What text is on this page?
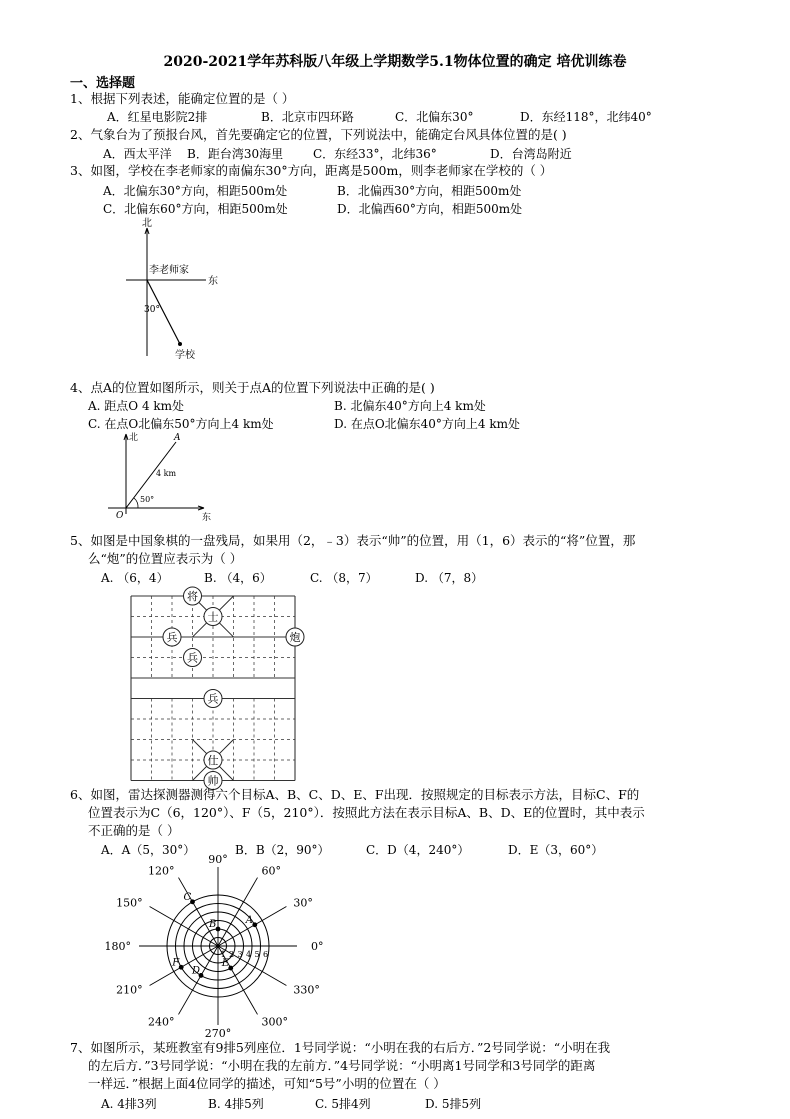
2020-2021学年苏科版八年级上学期数学5.1物体位置的确定 培优训练卷
一、选择题
1、根据下列表述，能确定位置的是（ ）
A．红星电影院2排	B．北京市四环路	C．北偏东30°	D．东经118°，北纬40°
2、气象台为了预报台风，首先要确定它的位置，下列说法中，能确定台风具体位置的是( )
A．西太平洋 B．距台湾30海里 C．东经33°，北纬36°	D．台湾岛附近
3、如图，学校在李老师家的南偏东30°方向，距离是500m，则李老师家在学校的（ ）
A．北偏东30°方向，相距500m处	B．北偏西30°方向，相距500m处
C．北偏东60°方向，相距500m处	D．北偏西60°方向，相距500m处
北
东
李老师家
30°
学校
4、点A的位置如图所示，则关于点A的位置下列说法中正确的是( )
A. 距点O 4 km处	B. 北偏东40°方向上4 km处
C. 在点O北偏东50°方向上4 km处	D. 在点O北偏东40°方向上4 km处
北
东
A
4 km
50°
O
5、如图是中国象棋的一盘残局，如果用（2，﹣3）表示“帅”的位置，用（1，6）表示的“将”位置，那
么“炮”的位置应表示为（ ）
A. （6，4）	B. （4，6）	C. （8，7）	D. （7，8）
将
士
兵	炮
兵
兵
仕
帅
6、如图，雷达探测器测得六个目标A、B、C、D、E、F出现．按照规定的目标表示方法，目标C、F的
位置表示为C（6，120°）、F（5，210°）．按照此方法在表示目标A、B、D、E的位置时，其中表示
不正确的是（ ）
A．A（5，30°）	B．B（2，90°）	C．D（4，240°）	D．E（3，60°）
0°
30°
60°
90°
120°
150°
180°
210°
240°
270°
300°
330°
1 2 3 4 5 6
A
B
C
D
E
F
7、如图所示，某班教室有9排5列座位．1号同学说：“小明在我的右后方．”2号同学说：“小明在我
的左后方．”3号同学说：“小明在我的左前方．”4号同学说：“小明离1号同学和3号同学的距离
一样远．”根据上面4位同学的描述，可知“5号”小明的位置在（ ）
A. 4排3列	B. 4排5列	C. 5排4列	D. 5排5列
